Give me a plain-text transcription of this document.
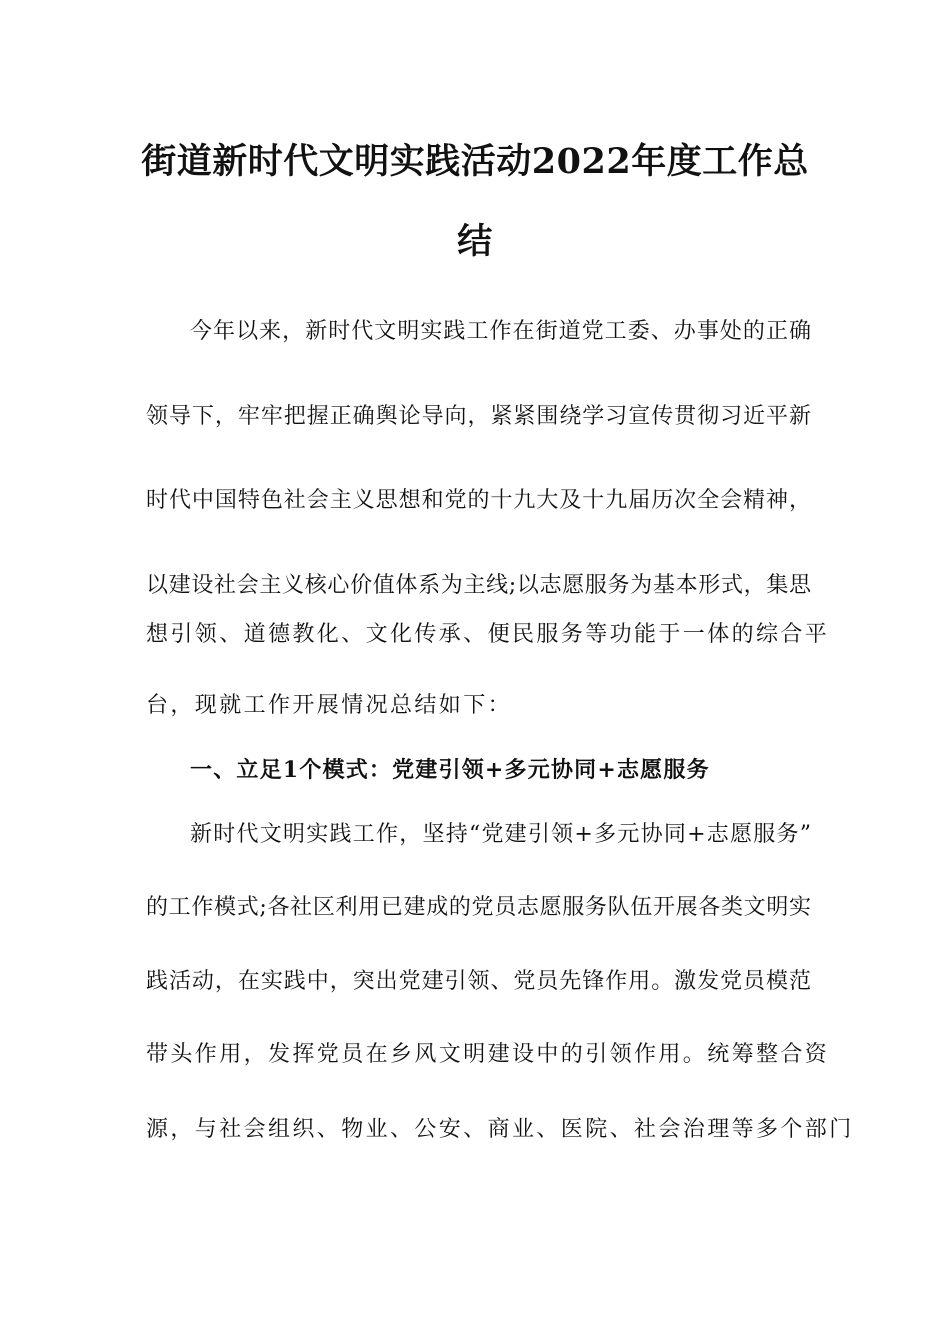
街道新时代文明实践活动2022年度工作总结

今年以来，新时代文明实践工作在街道党工委、办事处的正确

领导下，牢牢把握正确舆论导向，紧紧围绕学习宣传贯彻习近平新

时代中国特色社会主义思想和党的十九大及十九届历次全会精神，

以建设社会主义核心价值体系为主线;以志愿服务为基本形式，集思

想引领、道德教化、文化传承、便民服务等功能于一体的综合平

台，现就工作开展情况总结如下：

一、立足1个模式：党建引领+多元协同+志愿服务

新时代文明实践工作，坚持“党建引领+多元协同+志愿服务”

的工作模式;各社区利用已建成的党员志愿服务队伍开展各类文明实

践活动，在实践中，突出党建引领、党员先锋作用。激发党员模范

带头作用，发挥党员在乡风文明建设中的引领作用。统筹整合资

源，与社会组织、物业、公安、商业、医院、社会治理等多个部门
